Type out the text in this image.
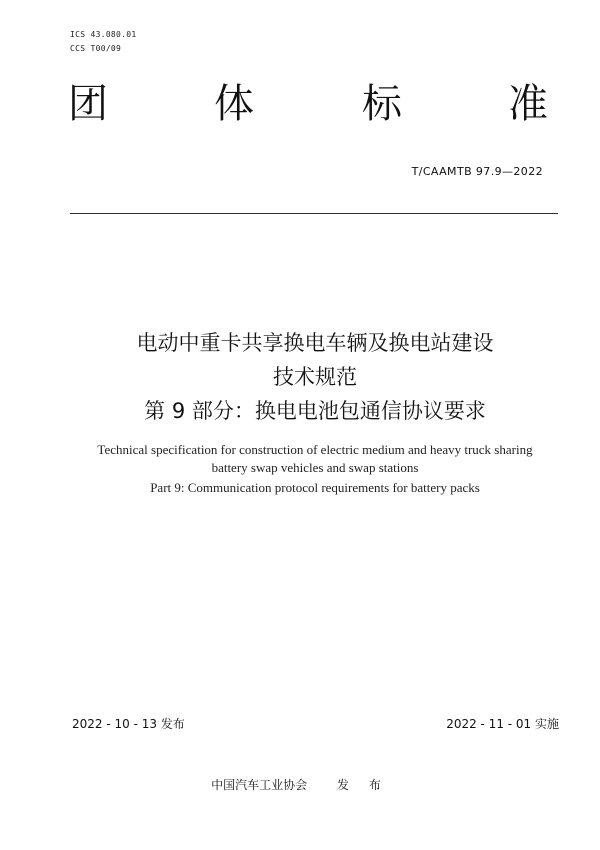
ICS 43.080.01
CCS T00/09
团	体	标	准
T/CAAMTB 97.9—2022
电动中重卡共享换电车辆及换电站建设
技术规范
第 9 部分：换电电池包通信协议要求
Technical specification for construction of electric medium and heavy truck sharing
battery swap vehicles and swap stations
Part 9: Communication protocol requirements for battery packs
2022 - 10 - 13 发布	2022 - 11 - 01 实施
中国汽车工业协会 发 布
